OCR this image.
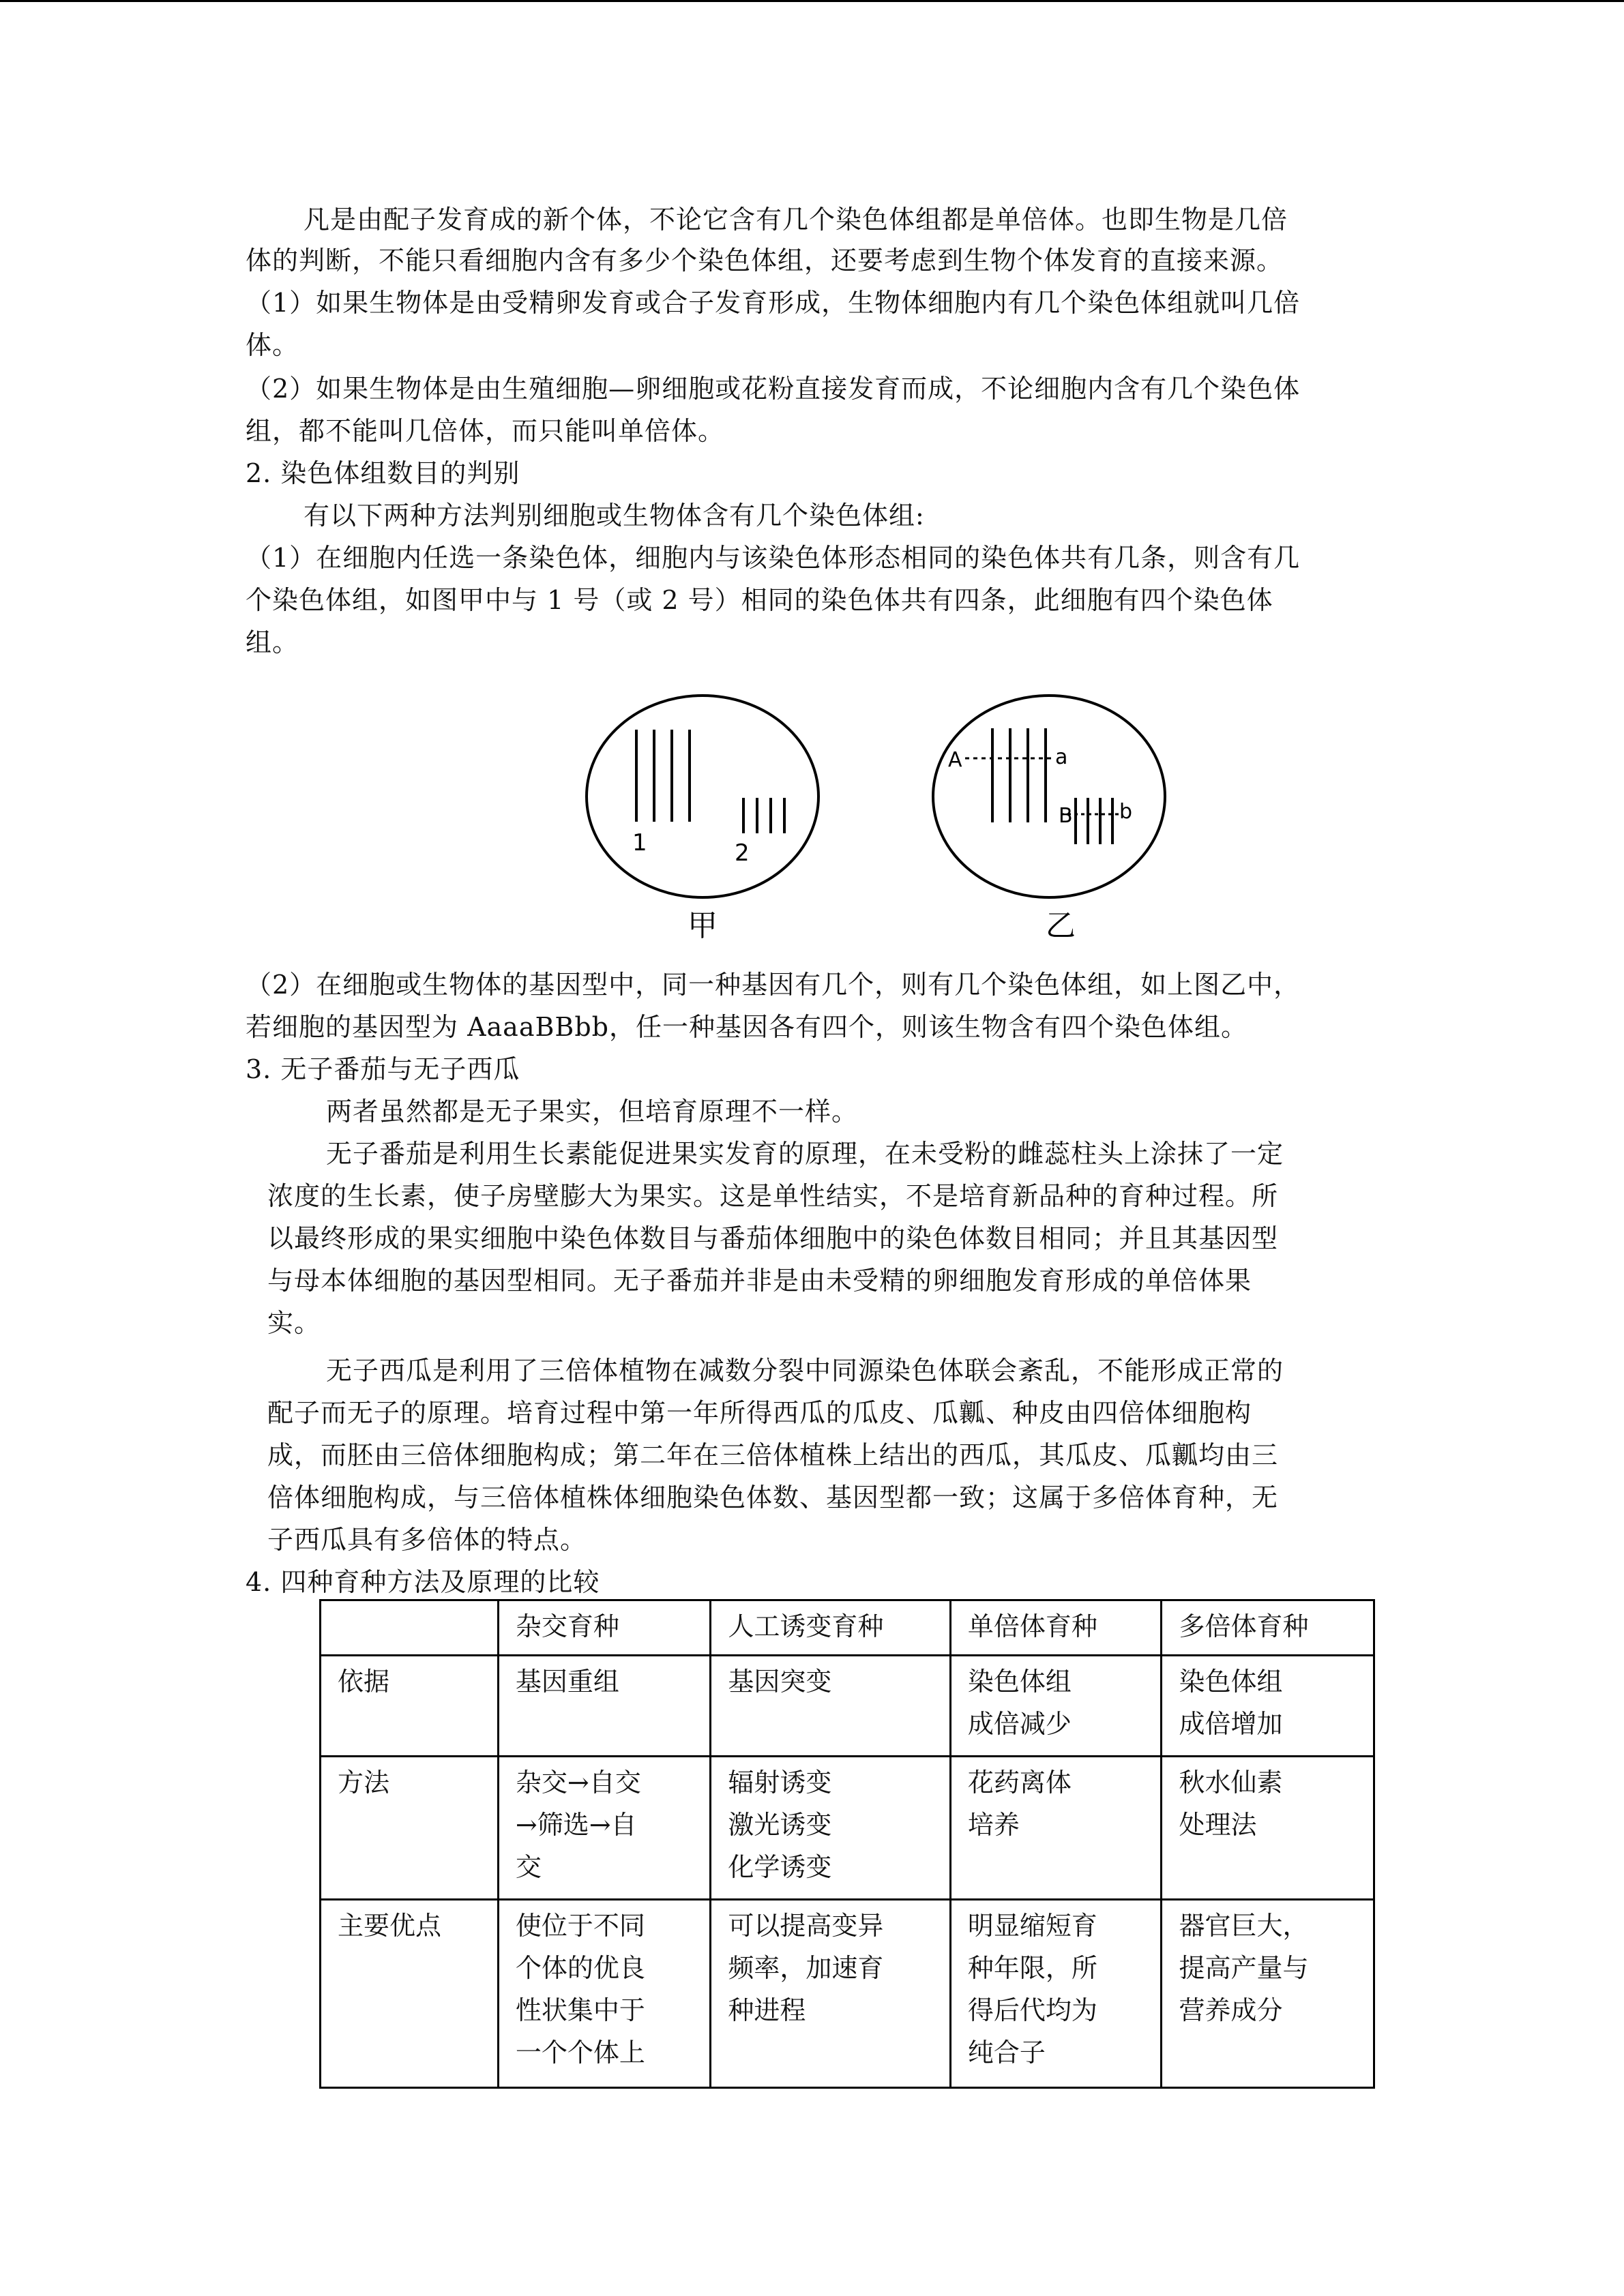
凡是由配子发育成的新个体，不论它含有几个染色体组都是单倍体。也即生物是几倍
体的判断，不能只看细胞内含有多少个染色体组，还要考虑到生物个体发育的直接来源。
（1）如果生物体是由受精卵发育或合子发育形成，生物体细胞内有几个染色体组就叫几倍
体。
（2）如果生物体是由生殖细胞—卵细胞或花粉直接发育而成，不论细胞内含有几个染色体
组，都不能叫几倍体，而只能叫单倍体。
2. 染色体组数目的判别
有以下两种方法判别细胞或生物体含有几个染色体组:
（1）在细胞内任选一条染色体，细胞内与该染色体形态相同的染色体共有几条，则含有几
个染色体组，如图甲中与 1 号（或 2 号）相同的染色体共有四条，此细胞有四个染色体
组。
1	2
甲
A	a
B b
乙
（2）在细胞或生物体的基因型中，同一种基因有几个，则有几个染色体组，如上图乙中，
若细胞的基因型为 AaaaBBbb，任一种基因各有四个，则该生物含有四个染色体组。
3. 无子番茄与无子西瓜
两者虽然都是无子果实，但培育原理不一样。
无子番茄是利用生长素能促进果实发育的原理，在未受粉的雌蕊柱头上涂抹了一定
浓度的生长素，使子房壁膨大为果实。这是单性结实，不是培育新品种的育种过程。所
以最终形成的果实细胞中染色体数目与番茄体细胞中的染色体数目相同；并且其基因型
与母本体细胞的基因型相同。无子番茄并非是由未受精的卵细胞发育形成的单倍体果
实。
无子西瓜是利用了三倍体植物在减数分裂中同源染色体联会紊乱，不能形成正常的
配子而无子的原理。培育过程中第一年所得西瓜的瓜皮、瓜瓤、种皮由四倍体细胞构
成，而胚由三倍体细胞构成；第二年在三倍体植株上结出的西瓜，其瓜皮、瓜瓤均由三
倍体细胞构成，与三倍体植株体细胞染色体数、基因型都一致；这属于多倍体育种，无
子西瓜具有多倍体的特点。
4. 四种育种方法及原理的比较
	杂交育种	人工诱变育种	单倍体育种	多倍体育种
依据	基因重组	基因突变	染色体组
成倍减少	染色体组
成倍增加

方法	杂交→自交
→筛选→自
交	辐射诱变
激光诱变
化学诱变	花药离体
培养	秋水仙素
处理法

主要优点	使位于不同
个体的优良
性状集中于
一个个体上	可以提高变异
频率，加速育
种进程	明显缩短育
种年限，所
得后代均为
纯合子	器官巨大，
提高产量与
营养成分
